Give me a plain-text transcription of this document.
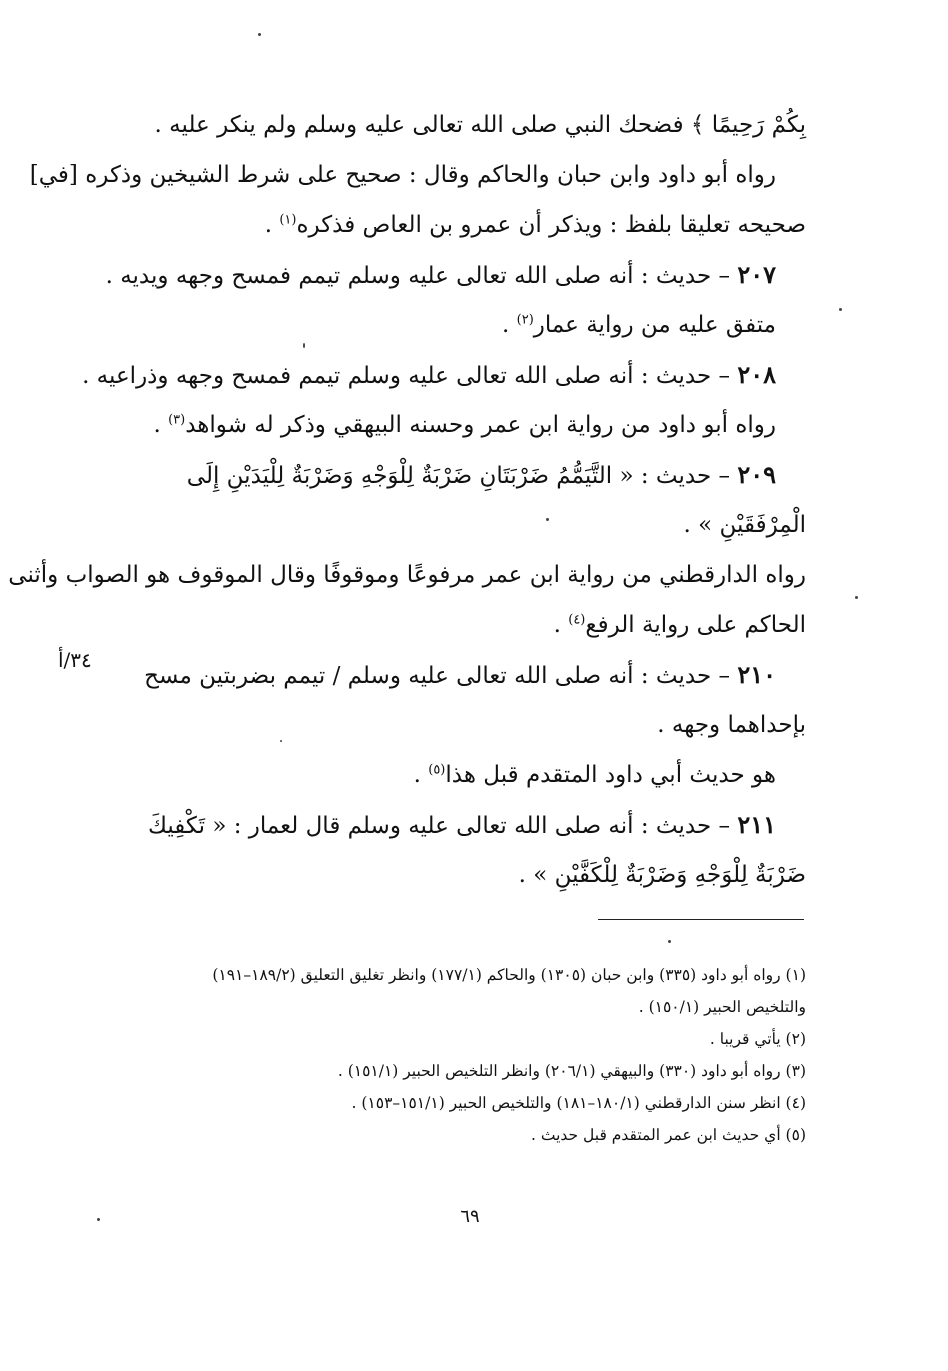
بِكُمْ رَحِيمًا ﴾ فضحك النبي صلى الله تعالى عليه وسلم ولم ينكر عليه .
رواه أبو داود وابن حبان والحاكم وقال : صحيح على شرط الشيخين وذكره [في]
صحيحه تعليقا بلفظ : ويذكر أن عمرو بن العاص فذكره$^{(١)}$ .
٢٠٧ – حديث : أنه صلى الله تعالى عليه وسلم تيمم فمسح وجهه ويديه .
متفق عليه من رواية عمار$^{(٢)}$ .
٢٠٨ – حديث : أنه صلى الله تعالى عليه وسلم تيمم فمسح وجهه وذراعيه .
رواه أبو داود من رواية ابن عمر وحسنه البيهقي وذكر له شواهد$^{(٣)}$ .
٢٠٩ – حديث : « التَّيَمُّمُ ضَرْبَتَانِ ضَرْبَةٌ لِلْوَجْهِ وَضَرْبَةٌ لِلْيَدَيْنِ إِلَى
الْمِرْفَقَيْنِ » .
رواه الدارقطني من رواية ابن عمر مرفوعًا وموقوفًا وقال الموقوف هو الصواب وأثنى
الحاكم على رواية الرفع$^{(٤)}$ .
٢١٠ – حديث : أنه صلى الله تعالى عليه وسلم / تيمم بضربتين مسح
بإحداهما وجهه .
هو حديث أبي داود المتقدم قبل هذا$^{(٥)}$ .
٢١١ – حديث : أنه صلى الله تعالى عليه وسلم قال لعمار : « تَكْفِيكَ
ضَرْبَةٌ لِلْوَجْهِ وَضَرْبَةٌ لِلْكَفَّيْنِ » .
٣٤/أ
(١) رواه أبو داود (٣٣٥) وابن حبان (١٣٠٥) والحاكم (١٧٧/١) وانظر تغليق التعليق (١٨٩/٢–١٩١)
والتلخيص الحبير (١٥٠/١) .
(٢) يأتي قريبا .
(٣) رواه أبو داود (٣٣٠) والبيهقي (٢٠٦/١) وانظر التلخيص الحبير (١٥١/١) .
(٤) انظر سنن الدارقطني (١٨٠/١–١٨١) والتلخيص الحبير (١٥١/١–١٥٣) .
(٥) أي حديث ابن عمر المتقدم قبل حديث .
٦٩
